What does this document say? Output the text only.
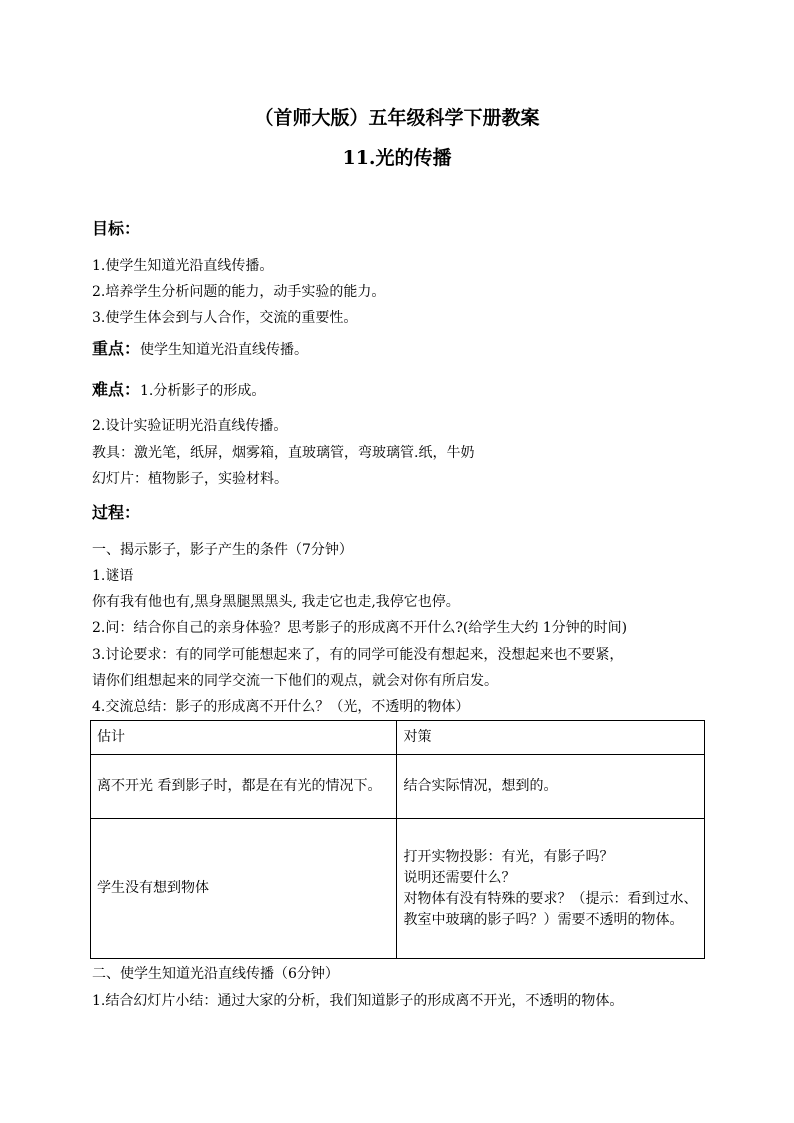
（首师大版）五年级科学下册教案
11.光的传播

目标：

1.使学生知道光沿直线传播。

2.培养学生分析问题的能力，动手实验的能力。

3.使学生体会到与人合作，交流的重要性。

重点：使学生知道光沿直线传播。

难点：1.分析影子的形成。

2.设计实验证明光沿直线传播。

教具：激光笔，纸屏，烟雾箱，直玻璃管，弯玻璃管.纸，牛奶

幻灯片：植物影子，实验材料。

过程：

一、揭示影子，影子产生的条件（7分钟）

1.谜语

你有我有他也有,黑身黑腿黑黑头, 我走它也走,我停它也停。

2.问：结合你自己的亲身体验？思考影子的形成离不开什么?(给学生大约 1分钟的时间)

3.讨论要求：有的同学可能想起来了，有的同学可能没有想起来，没想起来也不要紧，

请你们组想起来的同学交流一下他们的观点，就会对你有所启发。

4.交流总结：影子的形成离不开什么？（光，不透明的物体）

估计	对策
离不开光 看到影子时，都是在有光的情况下。	结合实际情况，想到的。
学生没有想到物体	打开实物投影：有光，有影子吗？
说明还需要什么？
对物体有没有特殊的要求？（提示：看到过水、教室中玻璃的影子吗？）需要不透明的物体。

二、使学生知道光沿直线传播（6分钟）

1.结合幻灯片小结：通过大家的分析，我们知道影子的形成离不开光，不透明的物体。
